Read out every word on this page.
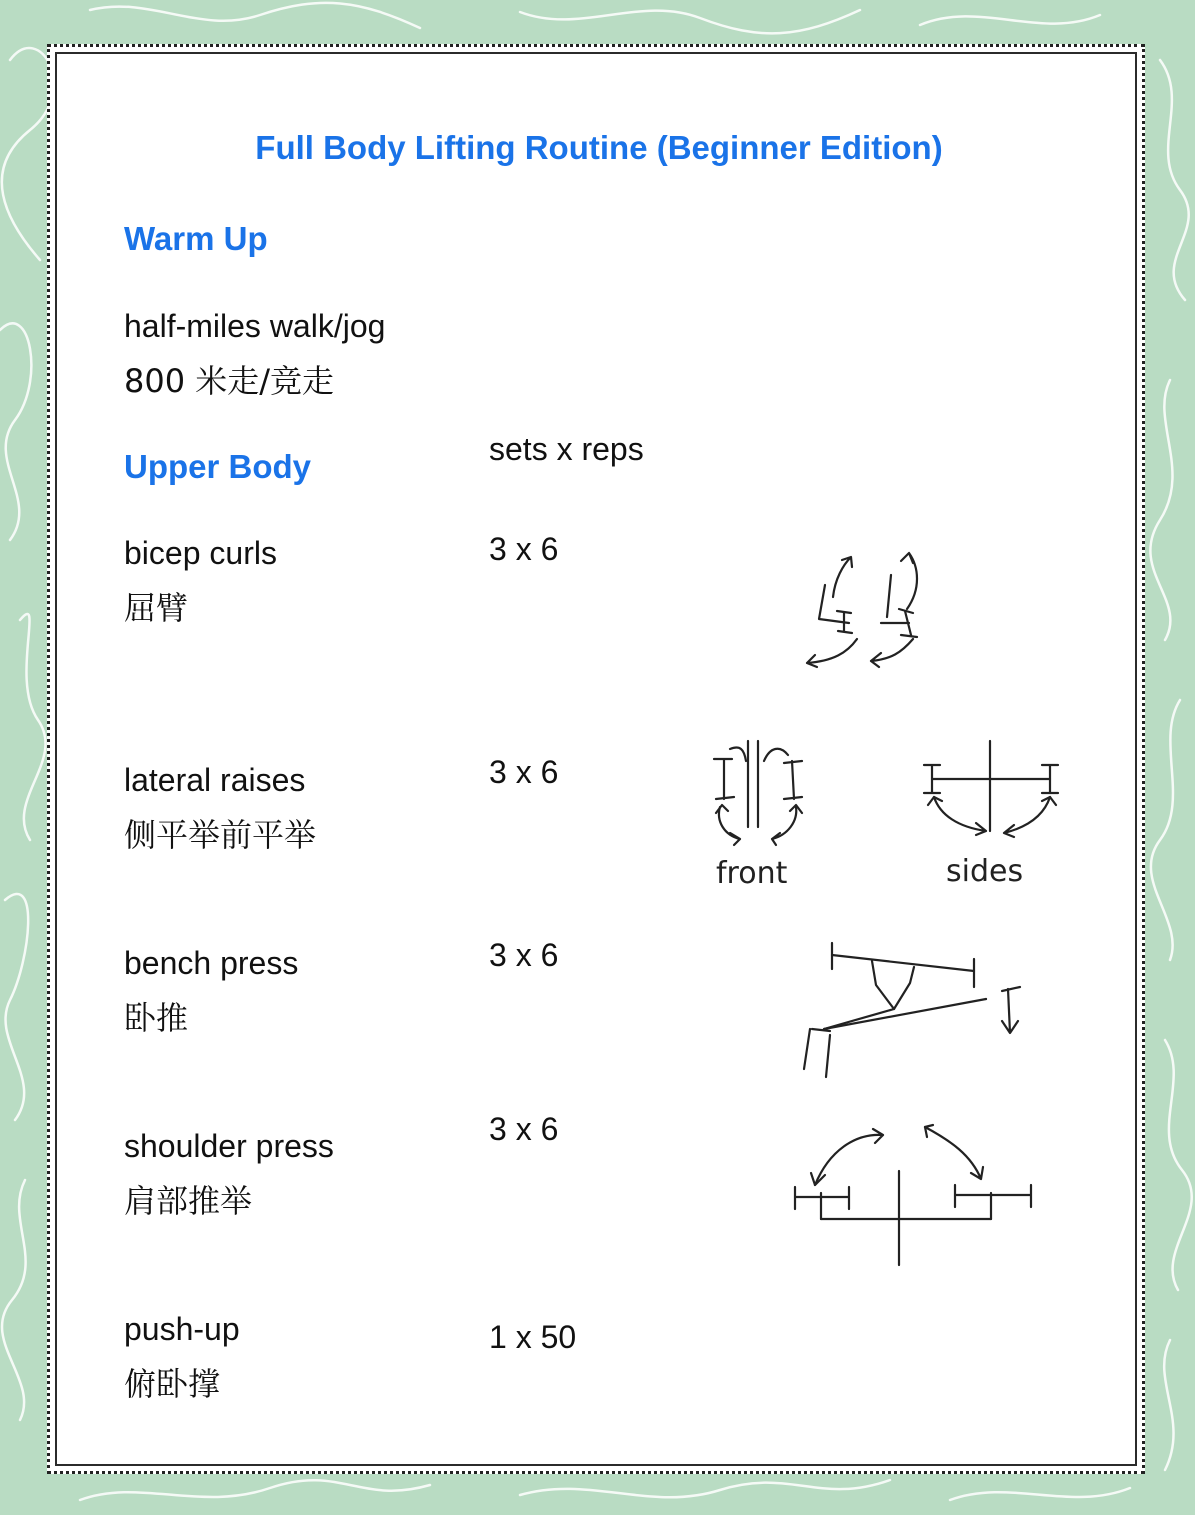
Full Body Lifting Routine (Beginner Edition)
Warm Up
half-miles walk/jog
800 米走/竞走
Upper Body	sets x reps
bicep curls
屈臂
3 x 6
lateral raises
侧平举前平举
3 x 6
bench press
卧推
3 x 6
shoulder press
肩部推举
3 x 6
push-up
俯卧撑
1 x 50
front	sides
